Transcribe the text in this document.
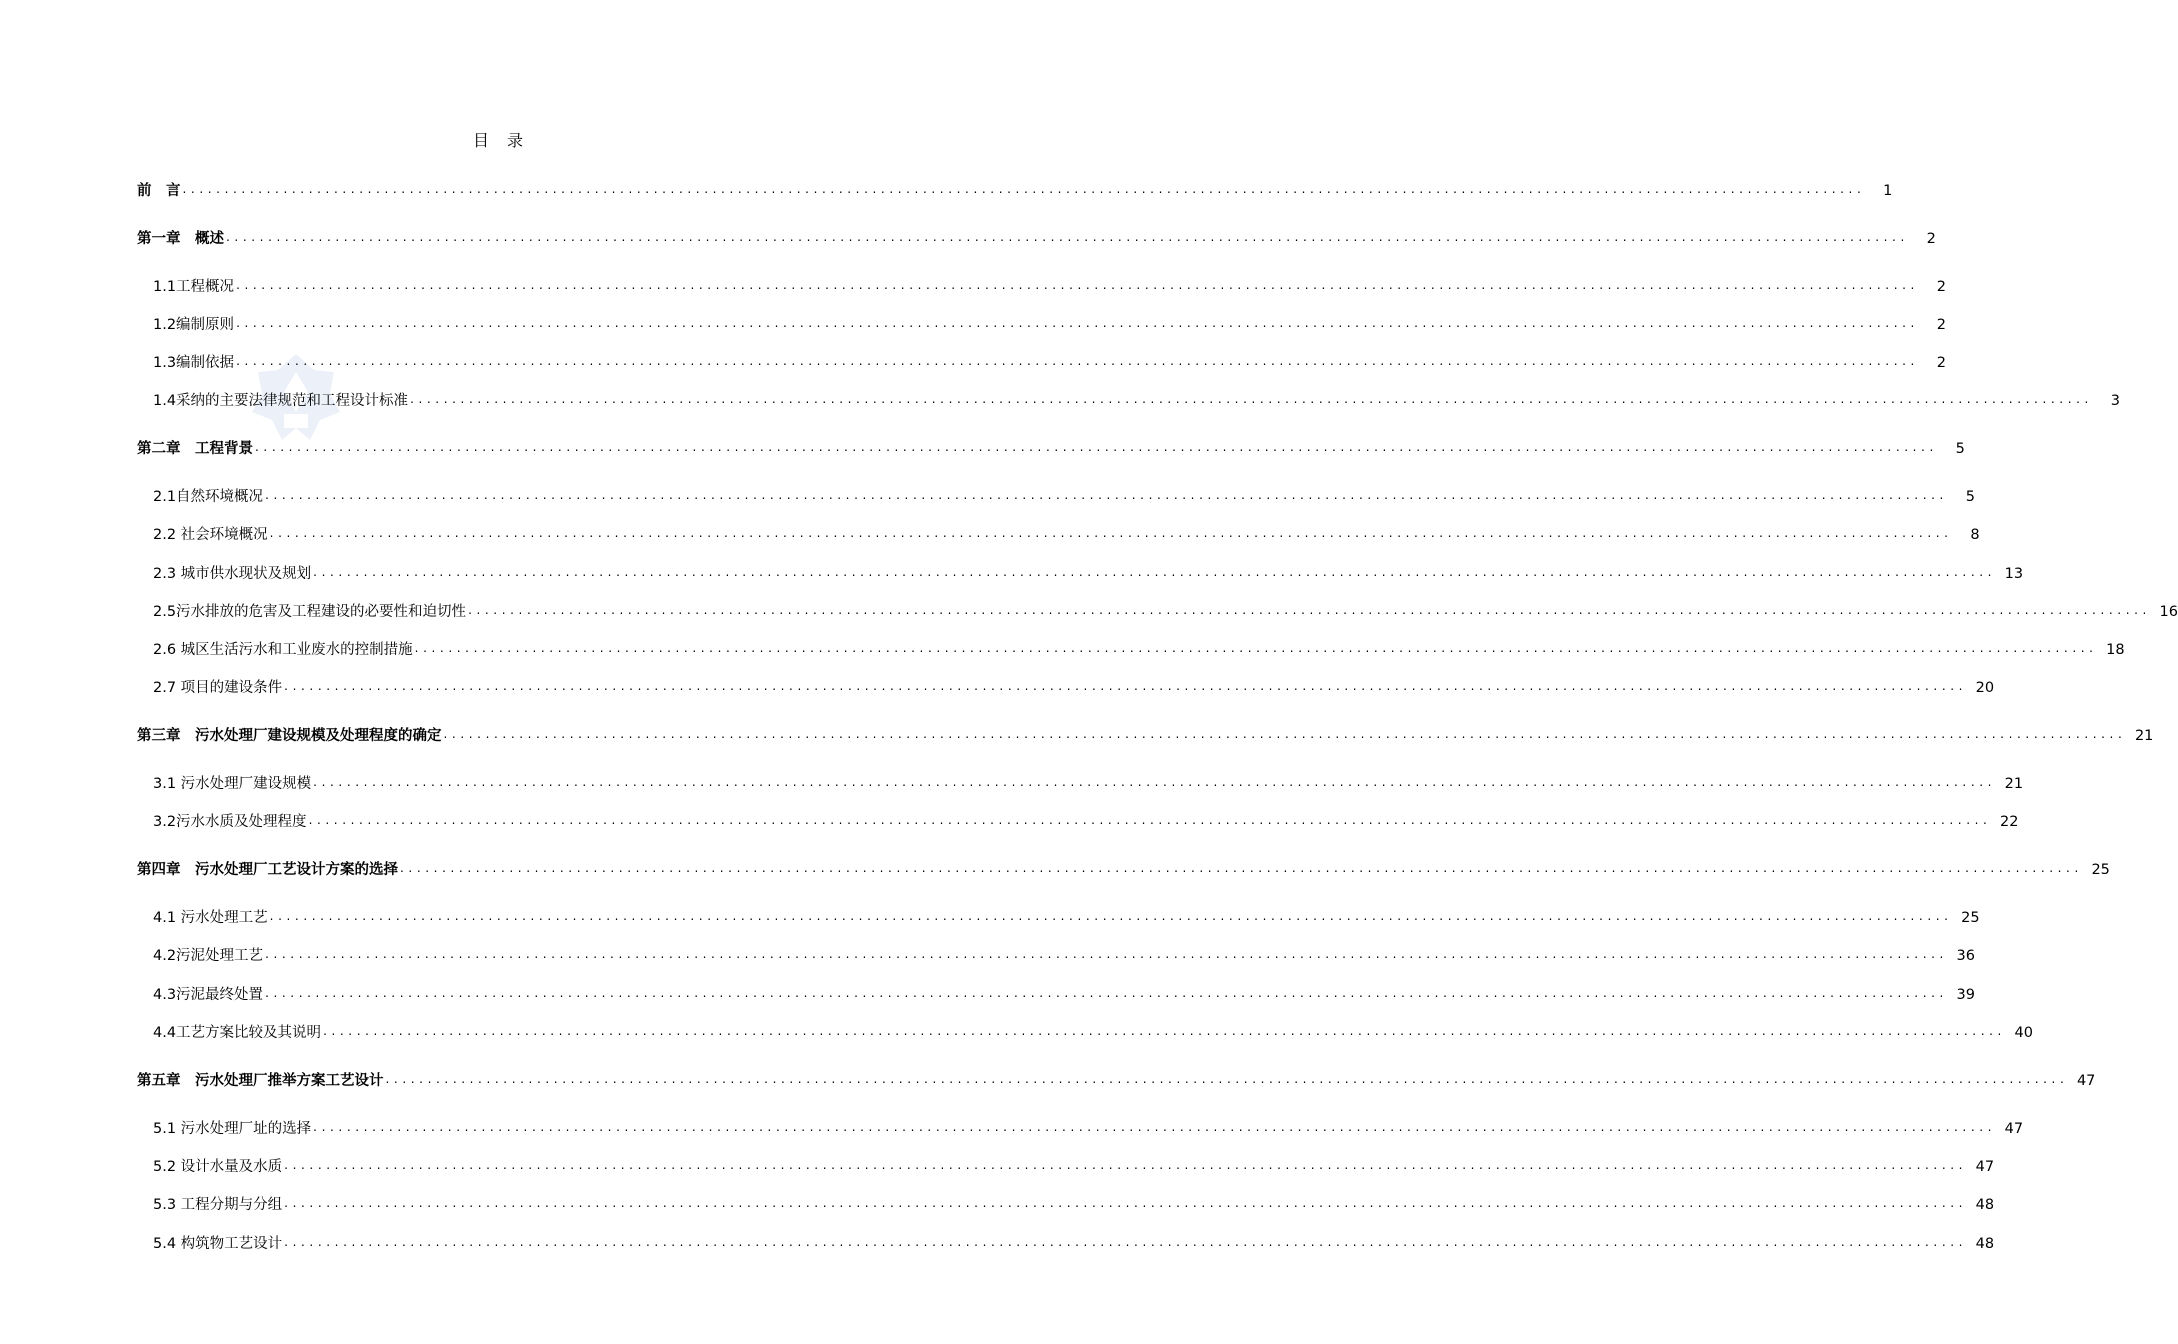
目录
前　言 ........................................................................................................................................................................................................	1
第一章　概述 ........................................................................................................................................................................................................	2
1.1工程概况 ........................................................................................................................................................................................................	2
1.2编制原则 ........................................................................................................................................................................................................	2
1.3编制依据 ........................................................................................................................................................................................................	2
1.4采纳的主要法律规范和工程设计标准 ........................................................................................................................................................................................................	3
第二章　工程背景 ........................................................................................................................................................................................................	5
2.1自然环境概况 ........................................................................................................................................................................................................	5
2.2 社会环境概况 ........................................................................................................................................................................................................	8
2.3 城市供水现状及规划 ........................................................................................................................................................................................................ 13
2.5污水排放的危害及工程建设的必要性和迫切性 ........................................................................................................................................................................................................ 16
2.6 城区生活污水和工业废水的控制措施 ........................................................................................................................................................................................................ 18
2.7 项目的建设条件 ........................................................................................................................................................................................................ 20
第三章　污水处理厂建设规模及处理程度的确定 ........................................................................................................................................................................................................ 21
3.1 污水处理厂建设规模 ........................................................................................................................................................................................................ 21
3.2污水水质及处理程度 ........................................................................................................................................................................................................ 22
第四章　污水处理厂工艺设计方案的选择 ........................................................................................................................................................................................................ 25
4.1 污水处理工艺 ........................................................................................................................................................................................................ 25
4.2污泥处理工艺 ........................................................................................................................................................................................................ 36
4.3污泥最终处置 ........................................................................................................................................................................................................ 39
4.4工艺方案比较及其说明 ........................................................................................................................................................................................................ 40
第五章　污水处理厂推举方案工艺设计 ........................................................................................................................................................................................................ 47
5.1 污水处理厂址的选择 ........................................................................................................................................................................................................ 47
5.2 设计水量及水质 ........................................................................................................................................................................................................ 47
5.3 工程分期与分组 ........................................................................................................................................................................................................ 48
5.4 构筑物工艺设计 ........................................................................................................................................................................................................ 48
